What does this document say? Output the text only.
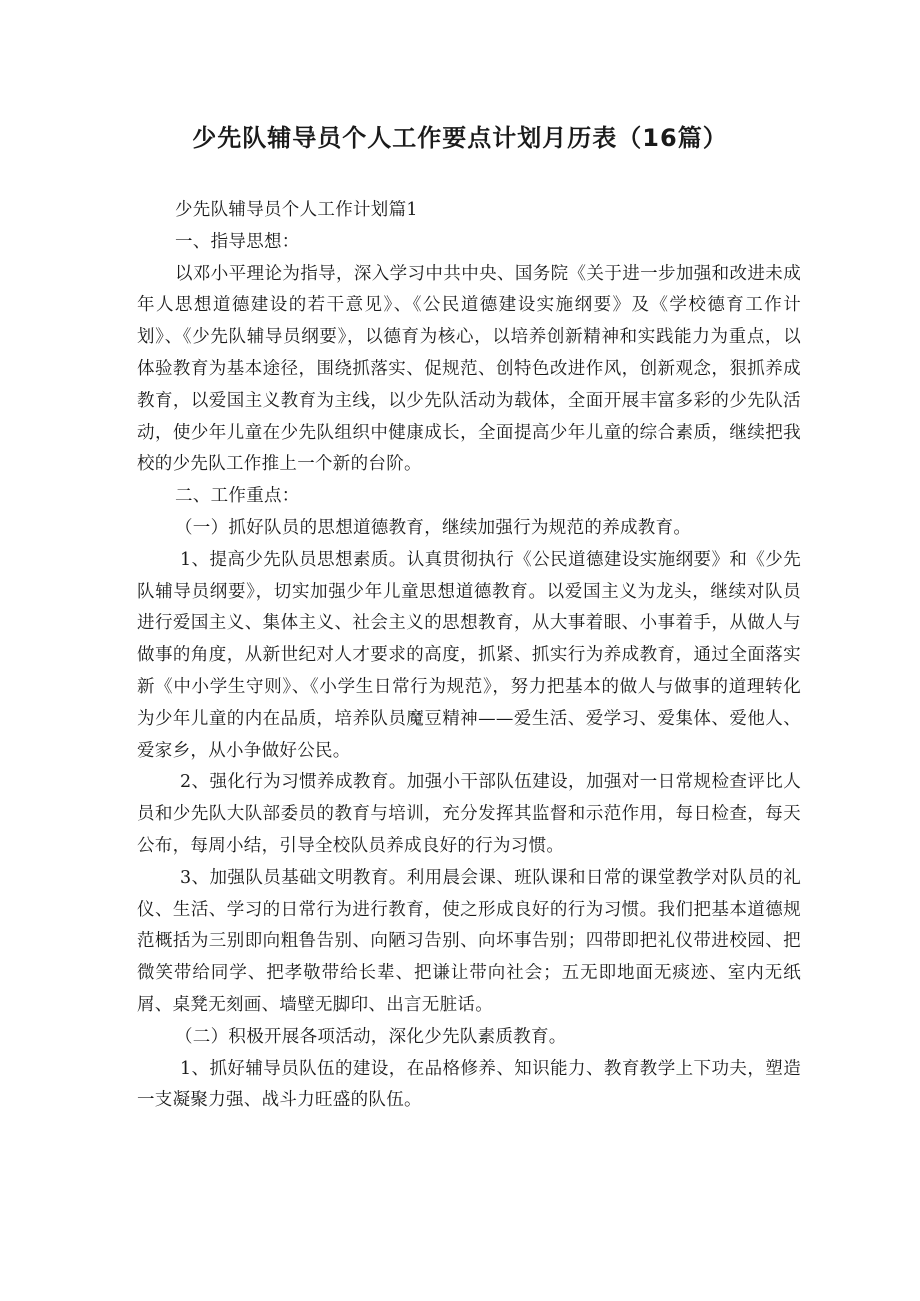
少先队辅导员个人工作要点计划月历表（16篇）

少先队辅导员个人工作计划篇1

一、指导思想：

以邓小平理论为指导，深入学习中共中央、国务院《关于进一步加强和改进未成年人思想道德建设的若干意见》、《公民道德建设实施纲要》及《学校德育工作计划》、《少先队辅导员纲要》，以德育为核心，以培养创新精神和实践能力为重点，以体验教育为基本途径，围绕抓落实、促规范、创特色改进作风，创新观念，狠抓养成教育，以爱国主义教育为主线，以少先队活动为载体，全面开展丰富多彩的少先队活动，使少年儿童在少先队组织中健康成长，全面提高少年儿童的综合素质，继续把我校的少先队工作推上一个新的台阶。

二、工作重点：

（一）抓好队员的思想道德教育，继续加强行为规范的养成教育。

1、提高少先队员思想素质。认真贯彻执行《公民道德建设实施纲要》和《少先队辅导员纲要》，切实加强少年儿童思想道德教育。以爱国主义为龙头，继续对队员进行爱国主义、集体主义、社会主义的思想教育，从大事着眼、小事着手，从做人与做事的角度，从新世纪对人才要求的高度，抓紧、抓实行为养成教育，通过全面落实新《中小学生守则》、《小学生日常行为规范》，努力把基本的做人与做事的道理转化为少年儿童的内在品质，培养队员魔豆精神——爱生活、爱学习、爱集体、爱他人、爱家乡，从小争做好公民。

2、强化行为习惯养成教育。加强小干部队伍建设，加强对一日常规检查评比人员和少先队大队部委员的教育与培训，充分发挥其监督和示范作用，每日检查，每天公布，每周小结，引导全校队员养成良好的行为习惯。

3、加强队员基础文明教育。利用晨会课、班队课和日常的课堂教学对队员的礼仪、生活、学习的日常行为进行教育，使之形成良好的行为习惯。我们把基本道德规范概括为三别即向粗鲁告别、向陋习告别、向坏事告别；四带即把礼仪带进校园、把微笑带给同学、把孝敬带给长辈、把谦让带向社会；五无即地面无痰迹、室内无纸屑、桌凳无刻画、墙壁无脚印、出言无脏话。

（二）积极开展各项活动，深化少先队素质教育。

1、抓好辅导员队伍的建设，在品格修养、知识能力、教育教学上下功夫，塑造一支凝聚力强、战斗力旺盛的队伍。
